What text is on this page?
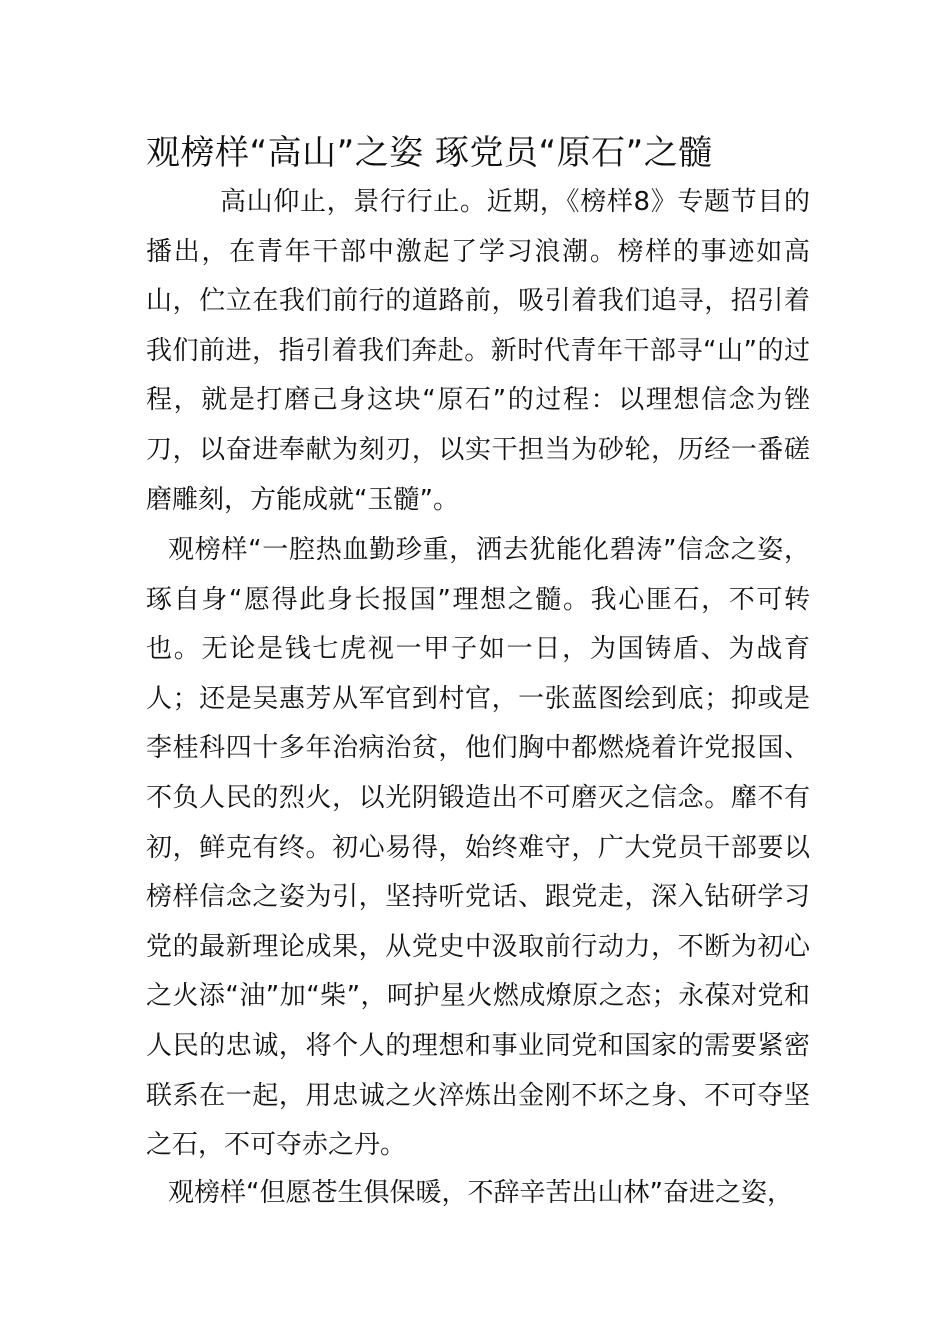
观榜样“高山”之姿 琢党员“原石”之髓
高山仰止，景行行止。近期，《榜样8》专题节目的播出，在青年干部中激起了学习浪潮。榜样的事迹如高山，伫立在我们前行的道路前，吸引着我们追寻，招引着我们前进，指引着我们奔赴。新时代青年干部寻“山”的过程，就是打磨己身这块“原石”的过程：以理想信念为锉刀，以奋进奉献为刻刃，以实干担当为砂轮，历经一番磋磨雕刻，方能成就“玉髓”。
观榜样“一腔热血勤珍重，洒去犹能化碧涛”信念之姿，琢自身“愿得此身长报国”理想之髓。我心匪石，不可转也。无论是钱七虎视一甲子如一日，为国铸盾、为战育人；还是吴惠芳从军官到村官，一张蓝图绘到底；抑或是李桂科四十多年治病治贫，他们胸中都燃烧着许党报国、不负人民的烈火，以光阴锻造出不可磨灭之信念。靡不有初，鲜克有终。初心易得，始终难守，广大党员干部要以榜样信念之姿为引，坚持听党话、跟党走，深入钻研学习党的最新理论成果，从党史中汲取前行动力，不断为初心之火添“油”加“柴”，呵护星火燃成燎原之态；永葆对党和人民的忠诚，将个人的理想和事业同党和国家的需要紧密联系在一起，用忠诚之火淬炼出金刚不坏之身、不可夺坚之石，不可夺赤之丹。
观榜样“但愿苍生俱保暖，不辞辛苦出山林”奋进之姿，
